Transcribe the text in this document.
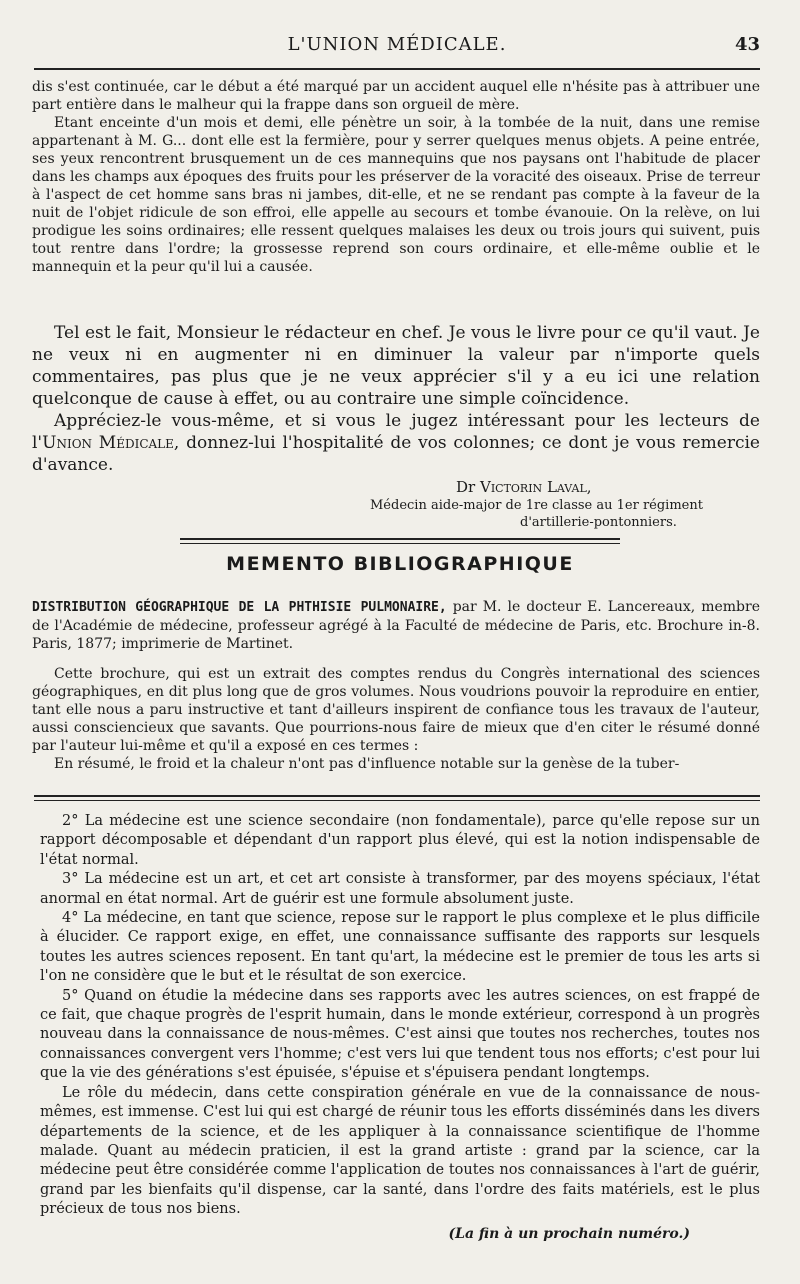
L'UNION MÉDICALE.	43

dis s'est continuée, car le début a été marqué par un accident auquel elle n'hésite pas à attribuer une part entière dans le malheur qui la frappe dans son orgueil de mère.

Etant enceinte d'un mois et demi, elle pénètre un soir, à la tombée de la nuit, dans une remise appartenant à M. G... dont elle est la fermière, pour y serrer quelques menus objets. A peine entrée, ses yeux rencontrent brusquement un de ces mannequins que nos paysans ont l'habitude de placer dans les champs aux époques des fruits pour les préserver de la voracité des oiseaux. Prise de terreur à l'aspect de cet homme sans bras ni jambes, dit-elle, et ne se rendant pas compte à la faveur de la nuit de l'objet ridicule de son effroi, elle appelle au secours et tombe évanouie. On la relève, on lui prodigue les soins ordinaires; elle ressent quelques malaises les deux ou trois jours qui suivent, puis tout rentre dans l'ordre; la grossesse reprend son cours ordinaire, et elle-même oublie et le mannequin et la peur qu'il lui a causée.

Tel est le fait, Monsieur le rédacteur en chef. Je vous le livre pour ce qu'il vaut. Je ne veux ni en augmenter ni en diminuer la valeur par n'importe quels commentaires, pas plus que je ne veux apprécier s'il y a eu ici une relation quelconque de cause à effet, ou au contraire une simple coïncidence.

Appréciez-le vous-même, et si vous le jugez intéressant pour les lecteurs de l'Union Médicale, donnez-lui l'hospitalité de vos colonnes; ce dont je vous remercie d'avance.

Dr Victorin Laval,
Médecin aide-major de 1re classe au 1er régiment
d'artillerie-pontonniers.
MEMENTO BIBLIOGRAPHIQUE

DISTRIBUTION GÉOGRAPHIQUE DE LA PHTHISIE PULMONAIRE, par M. le docteur E. Lancereaux, membre de l'Académie de médecine, professeur agrégé à la Faculté de médecine de Paris, etc. Brochure in-8. Paris, 1877; imprimerie de Martinet.

Cette brochure, qui est un extrait des comptes rendus du Congrès international des sciences géographiques, en dit plus long que de gros volumes. Nous voudrions pouvoir la reproduire en entier, tant elle nous a paru instructive et tant d'ailleurs inspirent de confiance tous les travaux de l'auteur, aussi consciencieux que savants. Que pourrions-nous faire de mieux que d'en citer le résumé donné par l'auteur lui-même et qu'il a exposé en ces termes :

En résumé, le froid et la chaleur n'ont pas d'influence notable sur la genèse de la tuber-

2° La médecine est une science secondaire (non fondamentale), parce qu'elle repose sur un rapport décomposable et dépendant d'un rapport plus élevé, qui est la notion indispensable de l'état normal.

3° La médecine est un art, et cet art consiste à transformer, par des moyens spéciaux, l'état anormal en état normal. Art de guérir est une formule absolument juste.

4° La médecine, en tant que science, repose sur le rapport le plus complexe et le plus difficile à élucider. Ce rapport exige, en effet, une connaissance suffisante des rapports sur lesquels toutes les autres sciences reposent. En tant qu'art, la médecine est le premier de tous les arts si l'on ne considère que le but et le résultat de son exercice.

5° Quand on étudie la médecine dans ses rapports avec les autres sciences, on est frappé de ce fait, que chaque progrès de l'esprit humain, dans le monde extérieur, correspond à un progrès nouveau dans la connaissance de nous-mêmes. C'est ainsi que toutes nos recherches, toutes nos connaissances convergent vers l'homme; c'est vers lui que tendent tous nos efforts; c'est pour lui que la vie des générations s'est épuisée, s'épuise et s'épuisera pendant longtemps.

Le rôle du médecin, dans cette conspiration générale en vue de la connaissance de nous-mêmes, est immense. C'est lui qui est chargé de réunir tous les efforts disséminés dans les divers départements de la science, et de les appliquer à la connaissance scientifique de l'homme malade. Quant au médecin praticien, il est la grand artiste : grand par la science, car la médecine peut être considérée comme l'application de toutes nos connaissances à l'art de guérir, grand par les bienfaits qu'il dispense, car la santé, dans l'ordre des faits matériels, est le plus précieux de tous nos biens.

(La fin à un prochain numéro.)
